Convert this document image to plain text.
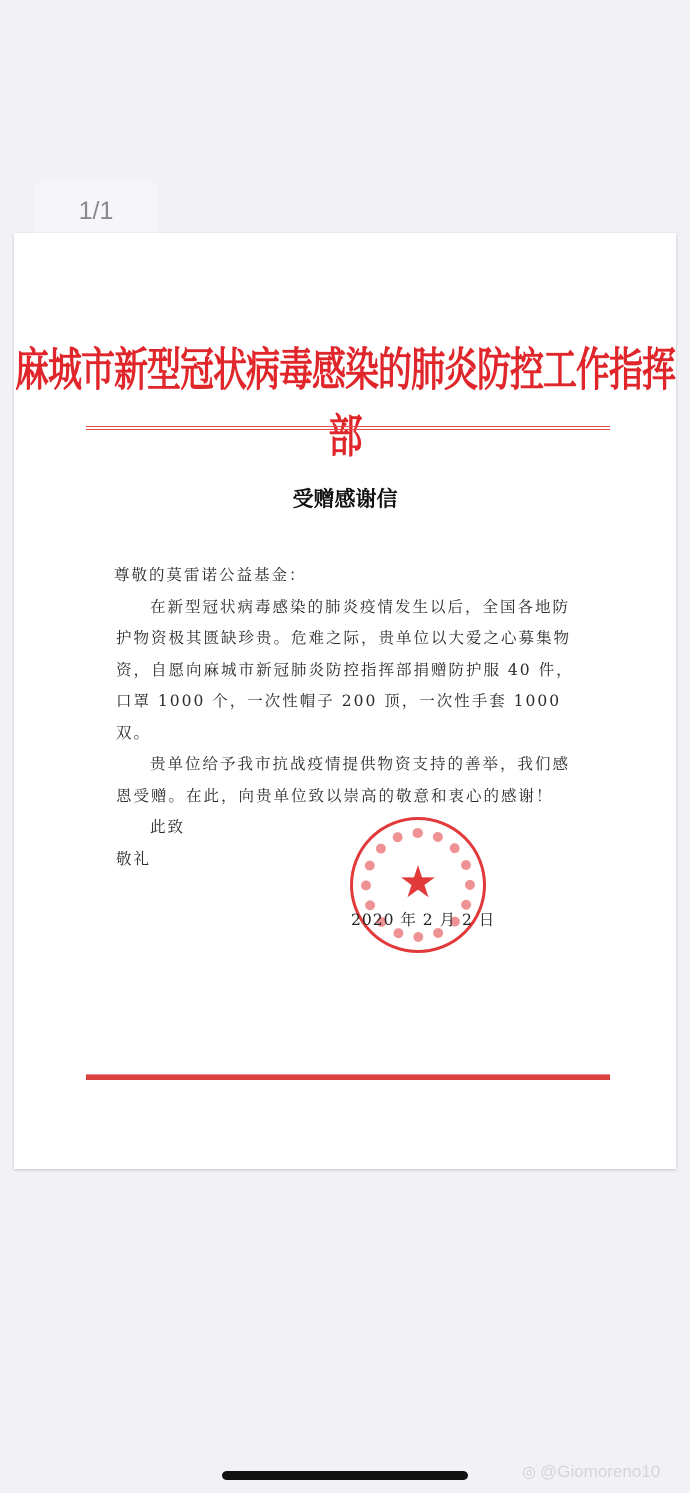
1/1
麻城市新型冠状病毒感染的肺炎防控工作指挥部
受赠感谢信

尊敬的莫雷诺公益基金：

在新型冠状病毒感染的肺炎疫情发生以后，全国各地防护物资极其匮缺珍贵。危难之际，贵单位以大爱之心募集物资，自愿向麻城市新冠肺炎防控指挥部捐赠防护服 40 件，口罩 1000 个，一次性帽子 200 顶，一次性手套 1000 双。

贵单位给予我市抗战疫情提供物资支持的善举，我们感恩受赠。在此，向贵单位致以崇高的敬意和衷心的感谢！

此致

敬礼	★
2020 年 2 月 2 日
◎ @Giomoreno10
